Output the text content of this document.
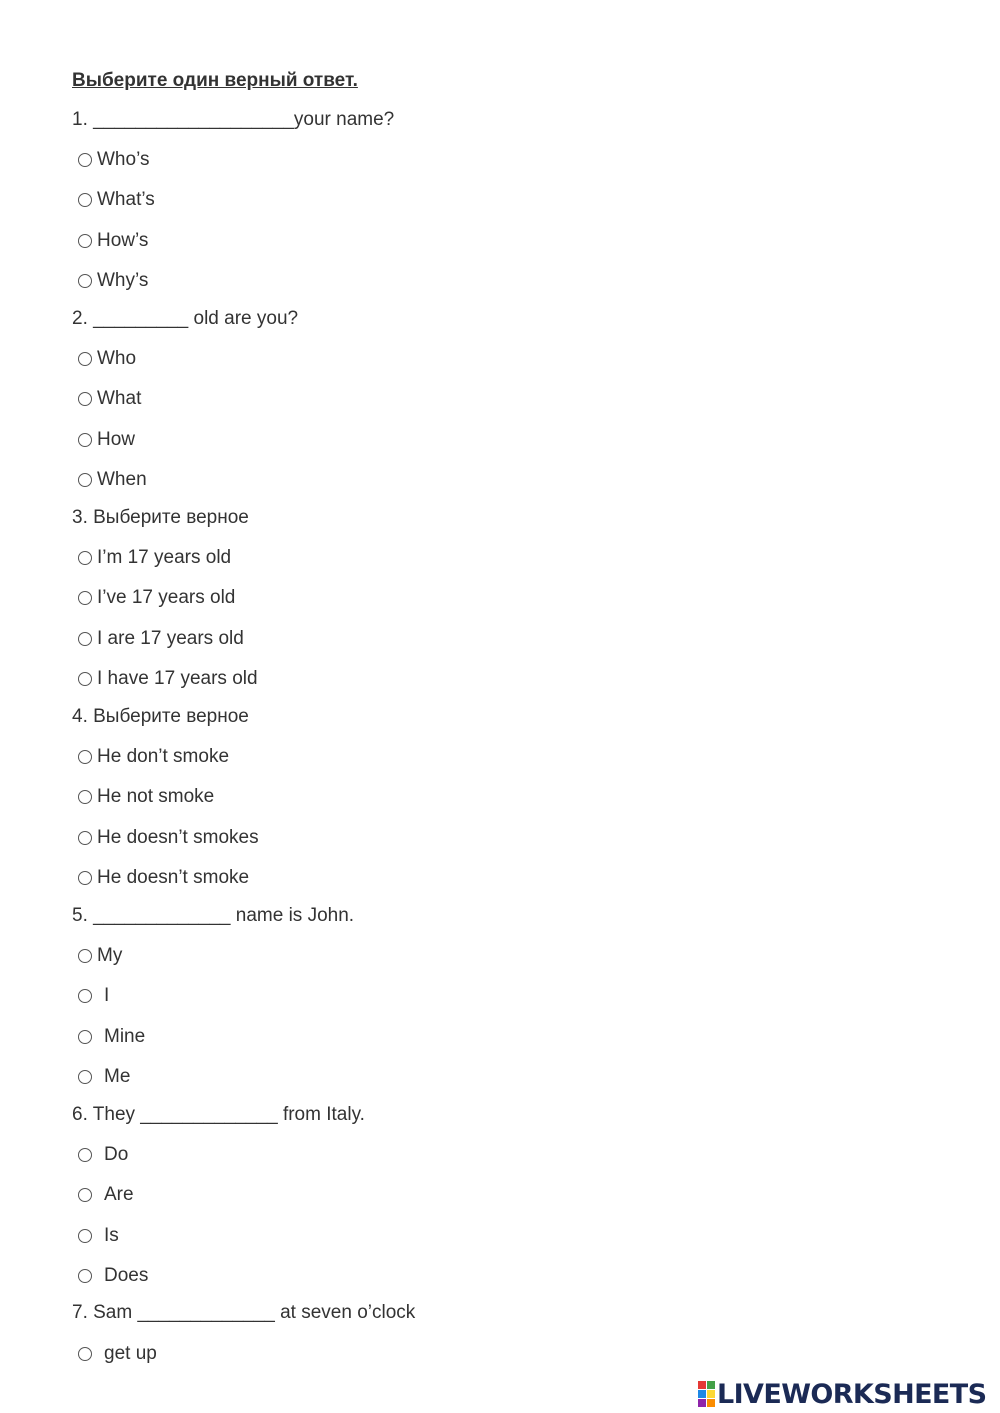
Выберите один верный ответ.
1. ___________________your name?
Who’s
What’s
How’s
Why’s
2. _________ old are you?
Who
What
How
When
3. Выберите верное
I’m 17 years old
I’ve 17 years old
I are 17 years old
I have 17 years old
4. Выберите верное
He don’t smoke
He not smoke
He doesn’t smokes
He doesn’t smoke
5. _____________ name is John.
My
I
Mine
Me
6. They _____________ from Italy.
Do
Are
Is
Does
7. Sam _____________ at seven o’clock
get up
LIVEWORKSHEETS
